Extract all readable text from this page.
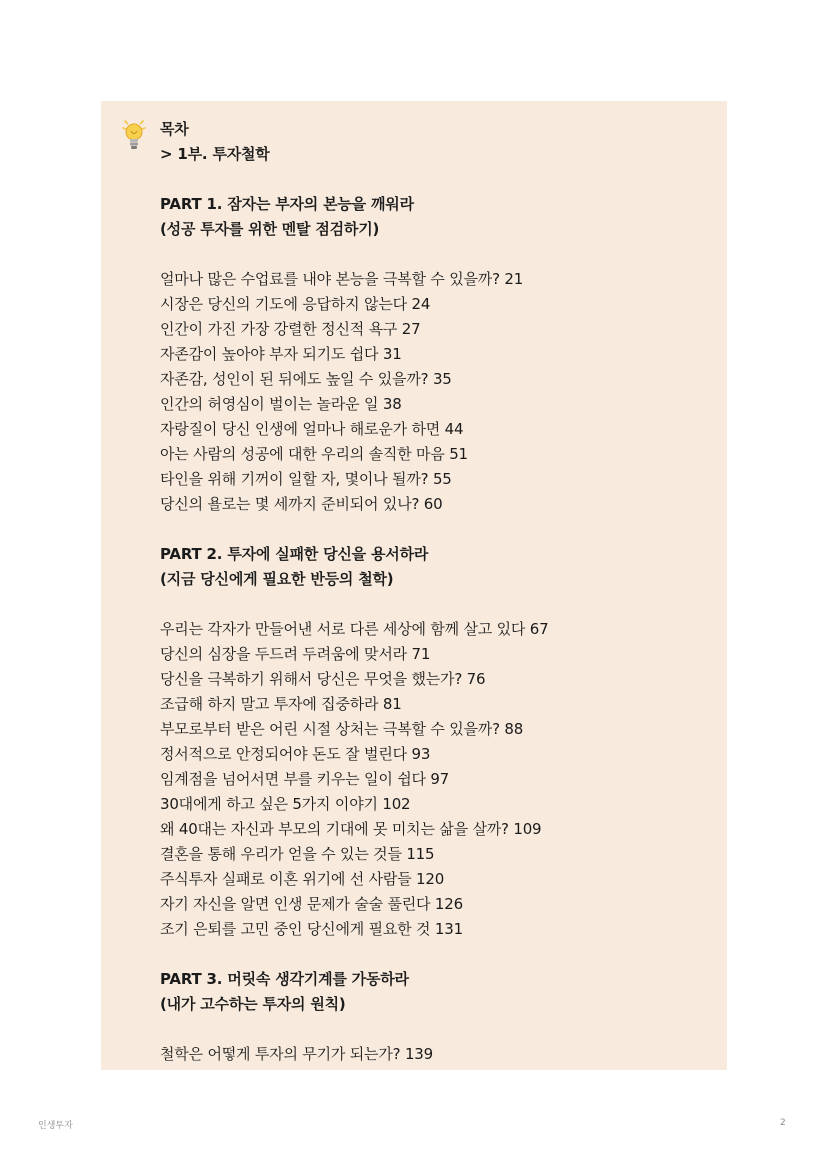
목차
> 1부. 투자철학
PART 1. 잠자는 부자의 본능을 깨워라
(성공 투자를 위한 멘탈 점검하기)
얼마나 많은 수업료를 내야 본능을 극복할 수 있을까? 21
시장은 당신의 기도에 응답하지 않는다 24
인간이 가진 가장 강렬한 정신적 욕구 27
자존감이 높아야 부자 되기도 쉽다 31
자존감, 성인이 된 뒤에도 높일 수 있을까? 35
인간의 허영심이 벌이는 놀라운 일 38
자랑질이 당신 인생에 얼마나 해로운가 하면 44
아는 사람의 성공에 대한 우리의 솔직한 마음 51
타인을 위해 기꺼이 일할 자, 몇이나 될까? 55
당신의 욜로는 몇 세까지 준비되어 있나? 60
PART 2. 투자에 실패한 당신을 용서하라
(지금 당신에게 필요한 반등의 철학)
우리는 각자가 만들어낸 서로 다른 세상에 함께 살고 있다 67
당신의 심장을 두드려 두려움에 맞서라 71
당신을 극복하기 위해서 당신은 무엇을 했는가? 76
조급해 하지 말고 투자에 집중하라 81
부모로부터 받은 어린 시절 상처는 극복할 수 있을까? 88
정서적으로 안정되어야 돈도 잘 벌린다 93
임계점을 넘어서면 부를 키우는 일이 쉽다 97
30대에게 하고 싶은 5가지 이야기 102
왜 40대는 자신과 부모의 기대에 못 미치는 삶을 살까? 109
결혼을 통해 우리가 얻을 수 있는 것들 115
주식투자 실패로 이혼 위기에 선 사람들 120
자기 자신을 알면 인생 문제가 술술 풀린다 126
조기 은퇴를 고민 중인 당신에게 필요한 것 131
PART 3. 머릿속 생각기계를 가동하라
(내가 고수하는 투자의 원칙)
철학은 어떻게 투자의 무기가 되는가? 139
인생투자	2
